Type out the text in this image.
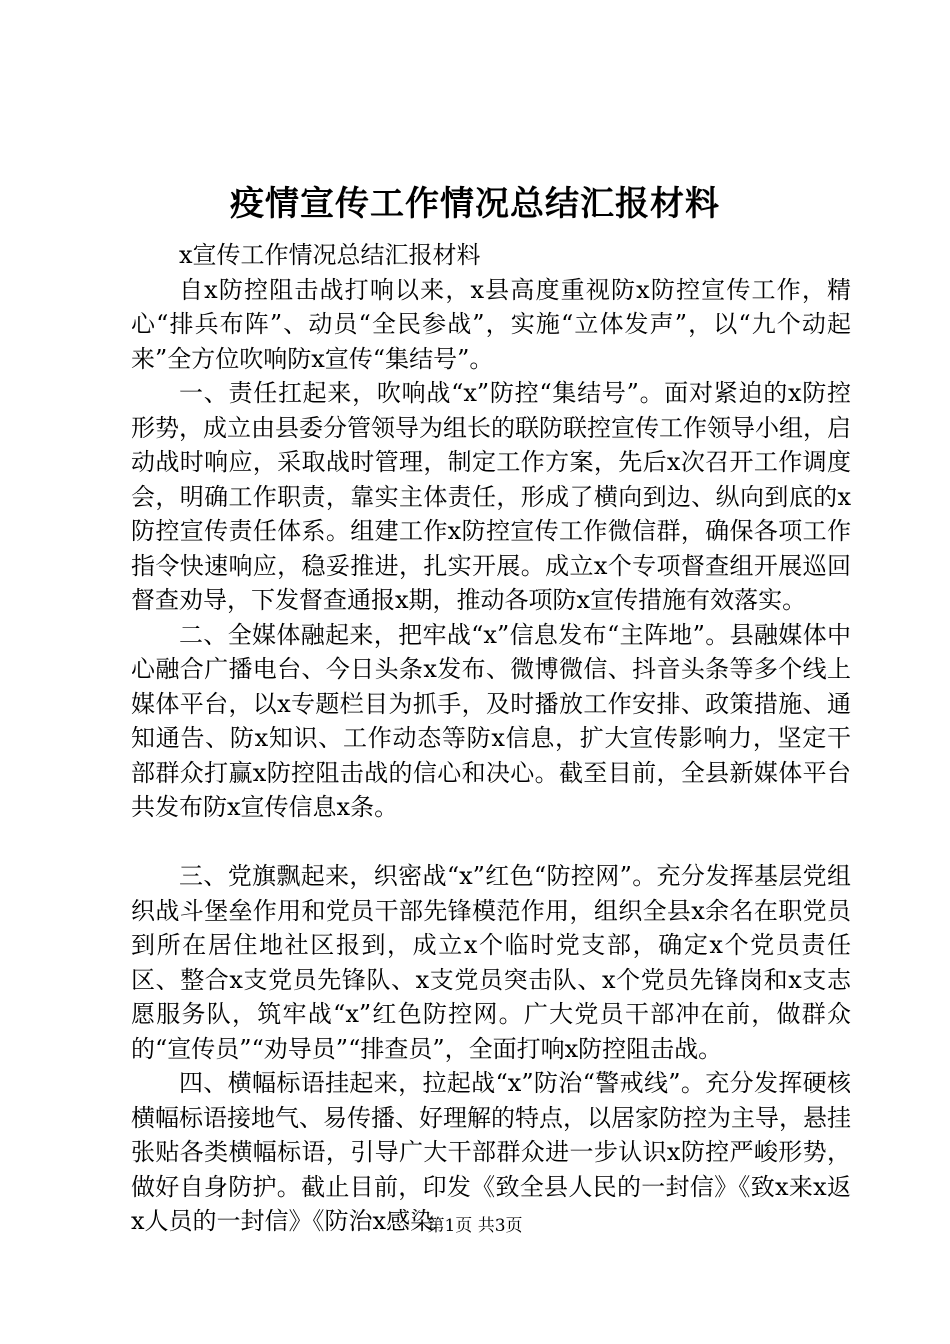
疫情宣传工作情况总结汇报材料

x宣传工作情况总结汇报材料

自x防控阻击战打响以来，x县高度重视防x防控宣传工作，精心“排兵布阵”、动员“全民参战”，实施“立体发声”，以“九个动起来”全方位吹响防x宣传“集结号”。

一、责任扛起来，吹响战“x”防控“集结号”。面对紧迫的x防控形势，成立由县委分管领导为组长的联防联控宣传工作领导小组，启动战时响应，采取战时管理，制定工作方案，先后x次召开工作调度会，明确工作职责，靠实主体责任，形成了横向到边、纵向到底的x防控宣传责任体系。组建工作x防控宣传工作微信群，确保各项工作指令快速响应，稳妥推进，扎实开展。成立x个专项督查组开展巡回督查劝导，下发督查通报x期，推动各项防x宣传措施有效落实。

二、全媒体融起来，把牢战“x”信息发布“主阵地”。县融媒体中心融合广播电台、今日头条x发布、微博微信、抖音头条等多个线上媒体平台，以x专题栏目为抓手，及时播放工作安排、政策措施、通知通告、防x知识、工作动态等防x信息，扩大宣传影响力，坚定干部群众打赢x防控阻击战的信心和决心。截至目前，全县新媒体平台共发布防x宣传信息x条。

三、党旗飘起来，织密战“x”红色“防控网”。充分发挥基层党组织战斗堡垒作用和党员干部先锋模范作用，组织全县x余名在职党员到所在居住地社区报到，成立x个临时党支部，确定x个党员责任区、整合x支党员先锋队、x支党员突击队、x个党员先锋岗和x支志愿服务队，筑牢战“x”红色防控网。广大党员干部冲在前，做群众的“宣传员”“劝导员”“排查员”，全面打响x防控阻击战。

四、横幅标语挂起来，拉起战“x”防治“警戒线”。充分发挥硬核横幅标语接地气、易传播、好理解的特点，以居家防控为主导，悬挂张贴各类横幅标语，引导广大干部群众进一步认识x防控严峻形势，做好自身防护。截止目前，印发《致全县人民的一封信》《致x来x返x人员的一封信》《防治x感染

第1页 共3页
